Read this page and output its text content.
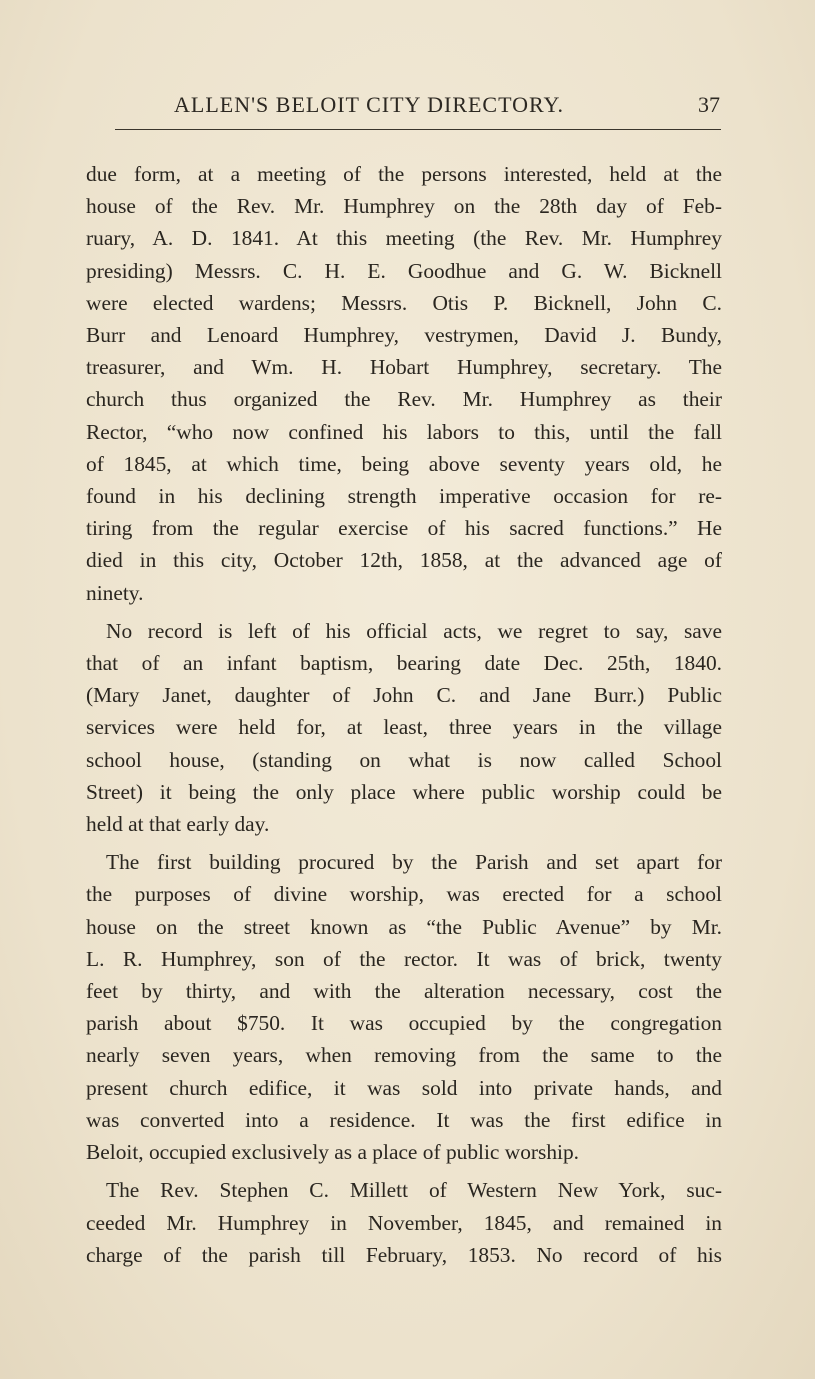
ALLEN'S BELOIT CITY DIRECTORY.	37
due form, at a meeting of the persons interested, held at the
house of the Rev. Mr. Humphrey on the 28th day of Feb-
ruary, A. D. 1841. At this meeting (the Rev. Mr. Humphrey
presiding) Messrs. C. H. E. Goodhue and G. W. Bicknell
were elected wardens; Messrs. Otis P. Bicknell, John C.
Burr and Lenoard Humphrey, vestrymen, David J. Bundy,
treasurer, and Wm. H. Hobart Humphrey, secretary. The
church thus organized the Rev. Mr. Humphrey as their
Rector, “who now confined his labors to this, until the fall
of 1845, at which time, being above seventy years old, he
found in his declining strength imperative occasion for re-
tiring from the regular exercise of his sacred functions.” He
died in this city, October 12th, 1858, at the advanced age of
ninety.
No record is left of his official acts, we regret to say, save
that of an infant baptism, bearing date Dec. 25th, 1840.
(Mary Janet, daughter of John C. and Jane Burr.) Public
services were held for, at least, three years in the village
school house, (standing on what is now called School
Street) it being the only place where public worship could be
held at that early day.
The first building procured by the Parish and set apart for
the purposes of divine worship, was erected for a school
house on the street known as “the Public Avenue” by Mr.
L. R. Humphrey, son of the rector. It was of brick, twenty
feet by thirty, and with the alteration necessary, cost the
parish about $750. It was occupied by the congregation
nearly seven years, when removing from the same to the
present church edifice, it was sold into private hands, and
was converted into a residence. It was the first edifice in
Beloit, occupied exclusively as a place of public worship.
The Rev. Stephen C. Millett of Western New York, suc-
ceeded Mr. Humphrey in November, 1845, and remained in
charge of the parish till February, 1853. No record of his
